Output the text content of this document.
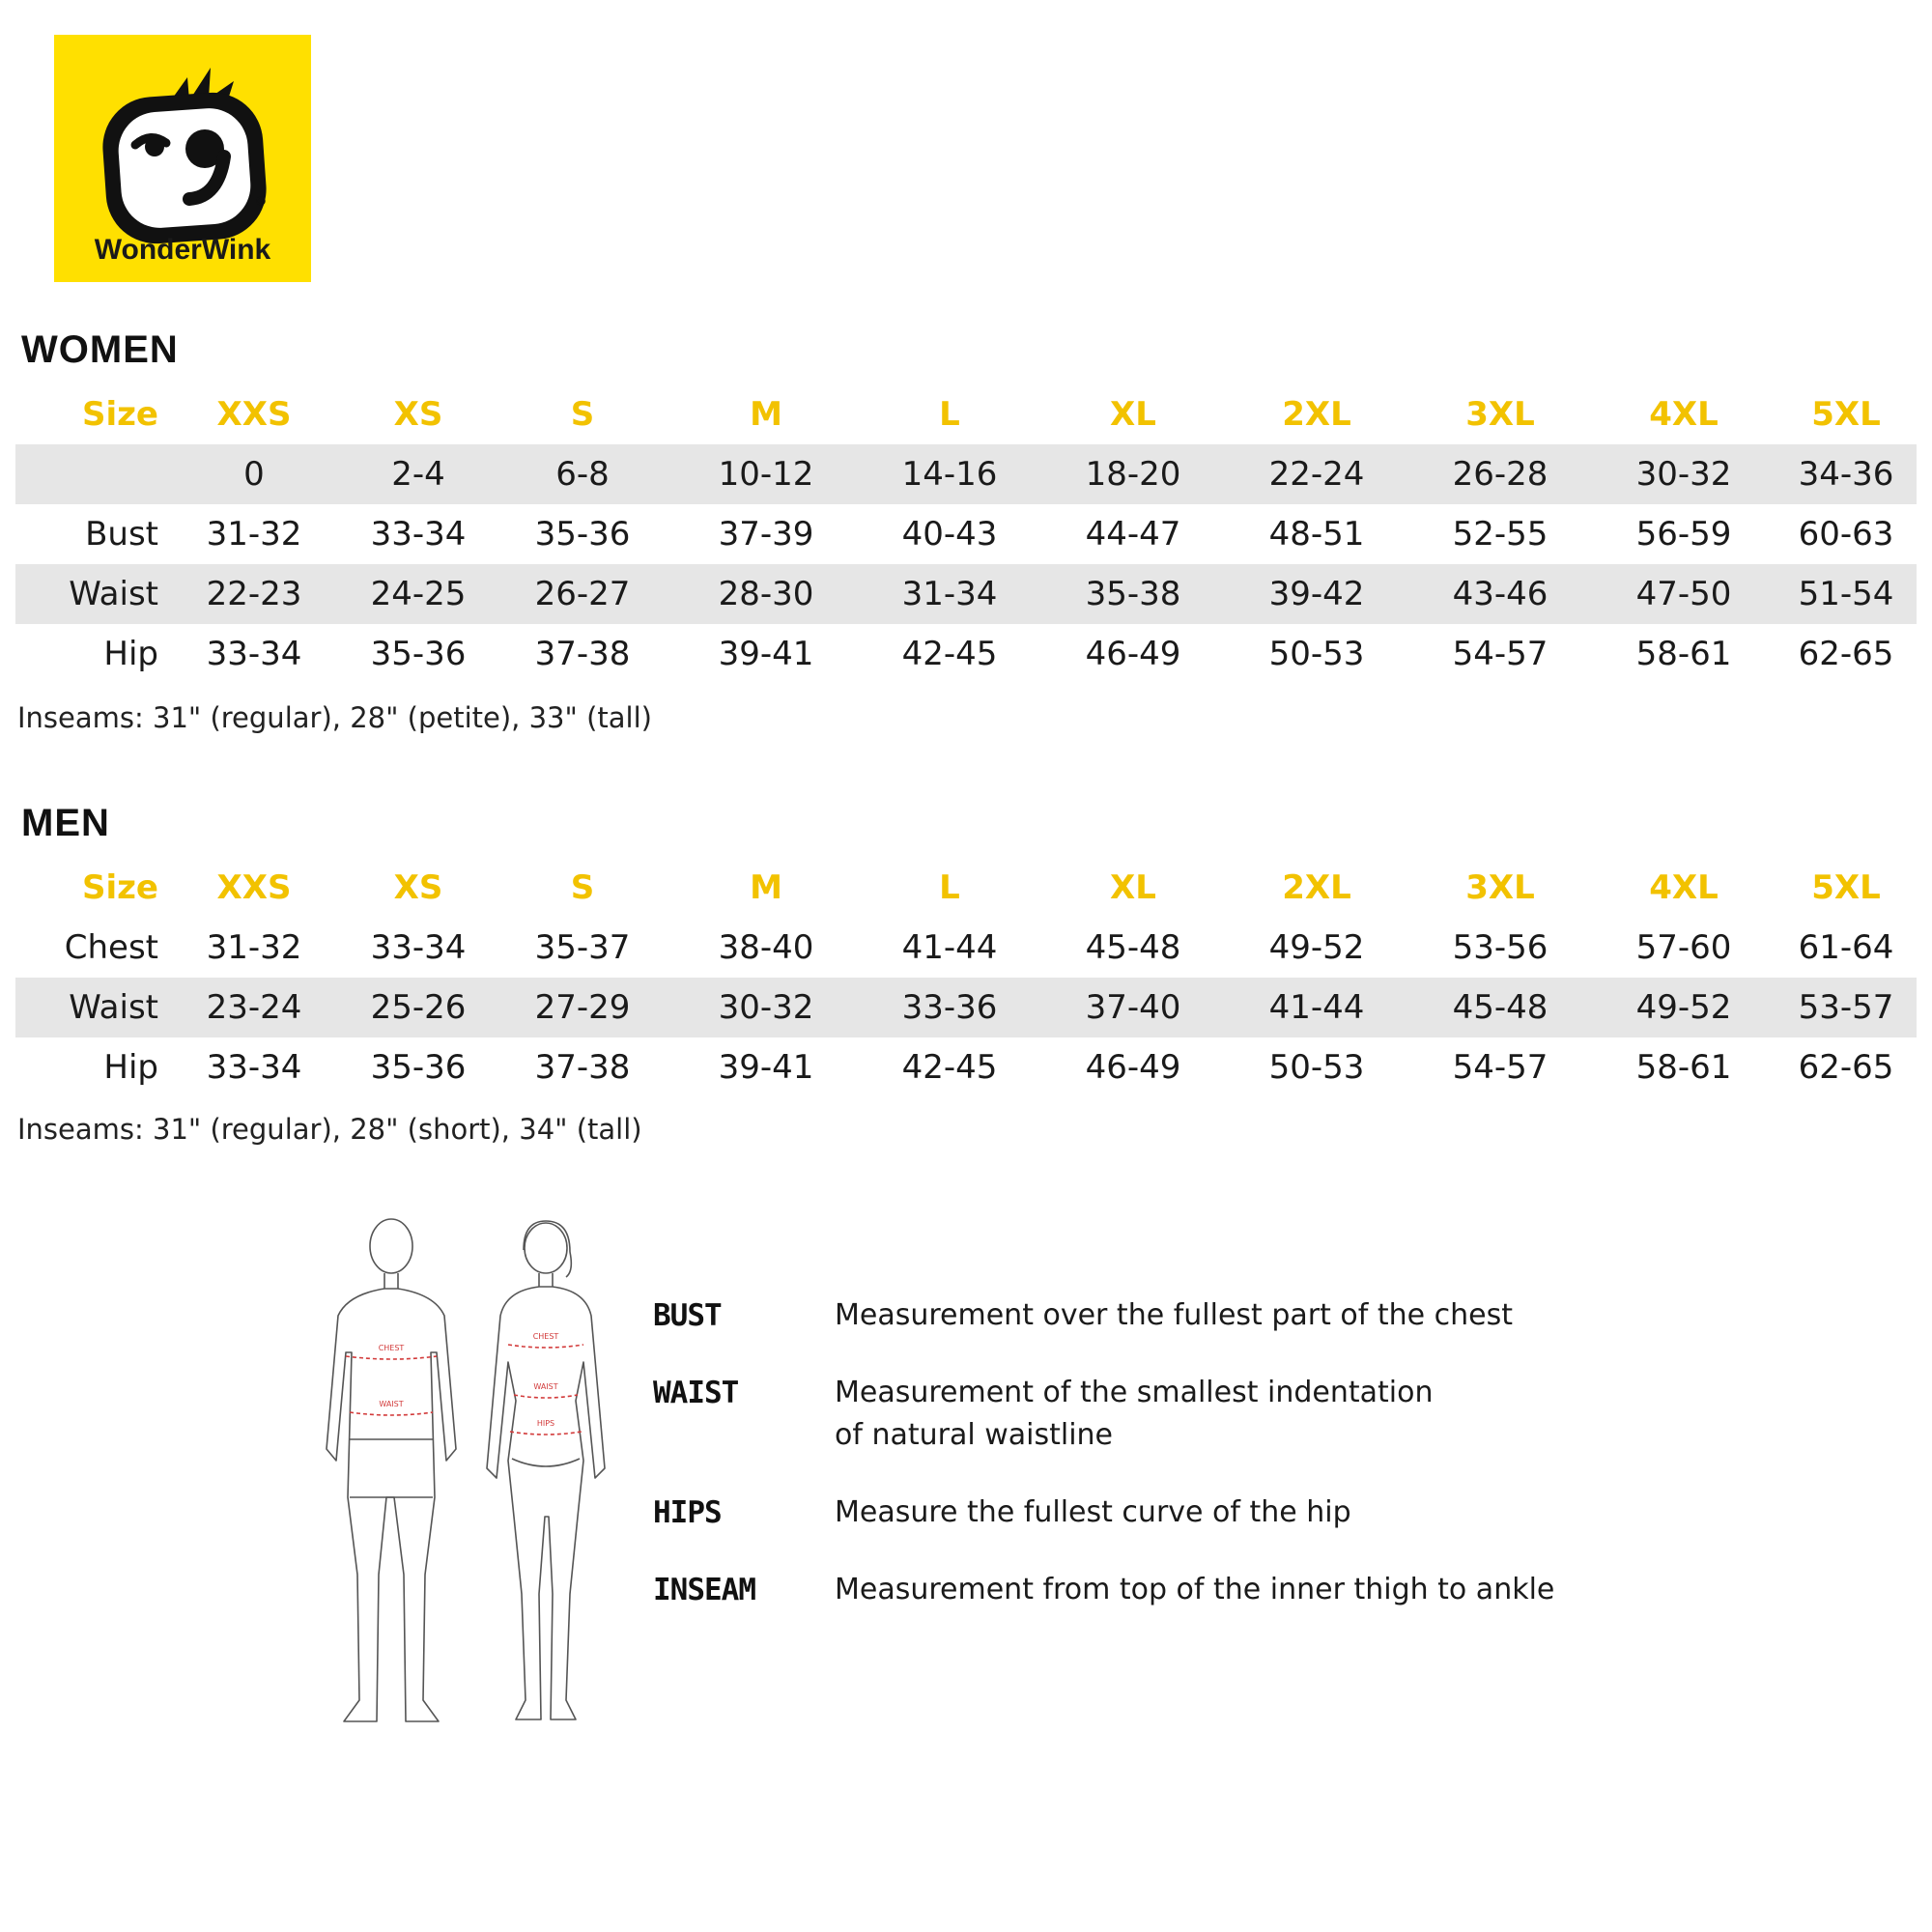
WonderWink
WOMEN
Size	XXS	XS	S	M	L	XL	2XL	3XL	4XL	5XL	
	0	2-4	6-8	10-12	14-16	18-20	22-24	26-28	30-32	34-36	
Bust	31-32	33-34	35-36	37-39	40-43	44-47	48-51	52-55	56-59	60-63	
Waist	22-23	24-25	26-27	28-30	31-34	35-38	39-42	43-46	47-50	51-54	
Hip	33-34	35-36	37-38	39-41	42-45	46-49	50-53	54-57	58-61	62-65	

Inseams: 31" (regular), 28" (petite), 33" (tall)

MEN
Size	XXS	XS	S	M	L	XL	2XL	3XL	4XL	5XL	
Chest	31-32	33-34	35-37	38-40	41-44	45-48	49-52	53-56	57-60	61-64	
Waist	23-24	25-26	27-29	30-32	33-36	37-40	41-44	45-48	49-52	53-57	
Hip	33-34	35-36	37-38	39-41	42-45	46-49	50-53	54-57	58-61	62-65	

Inseams: 31" (regular), 28" (short), 34" (tall)

CHEST
WAIST
CHEST
WAIST
HIPS
BUST	Measurement over the fullest part of the chest
WAIST	Measurement of the smallest indentation of natural waistline
HIPS	Measure the fullest curve of the hip
INSEAM	Measurement from top of the inner thigh to ankle
